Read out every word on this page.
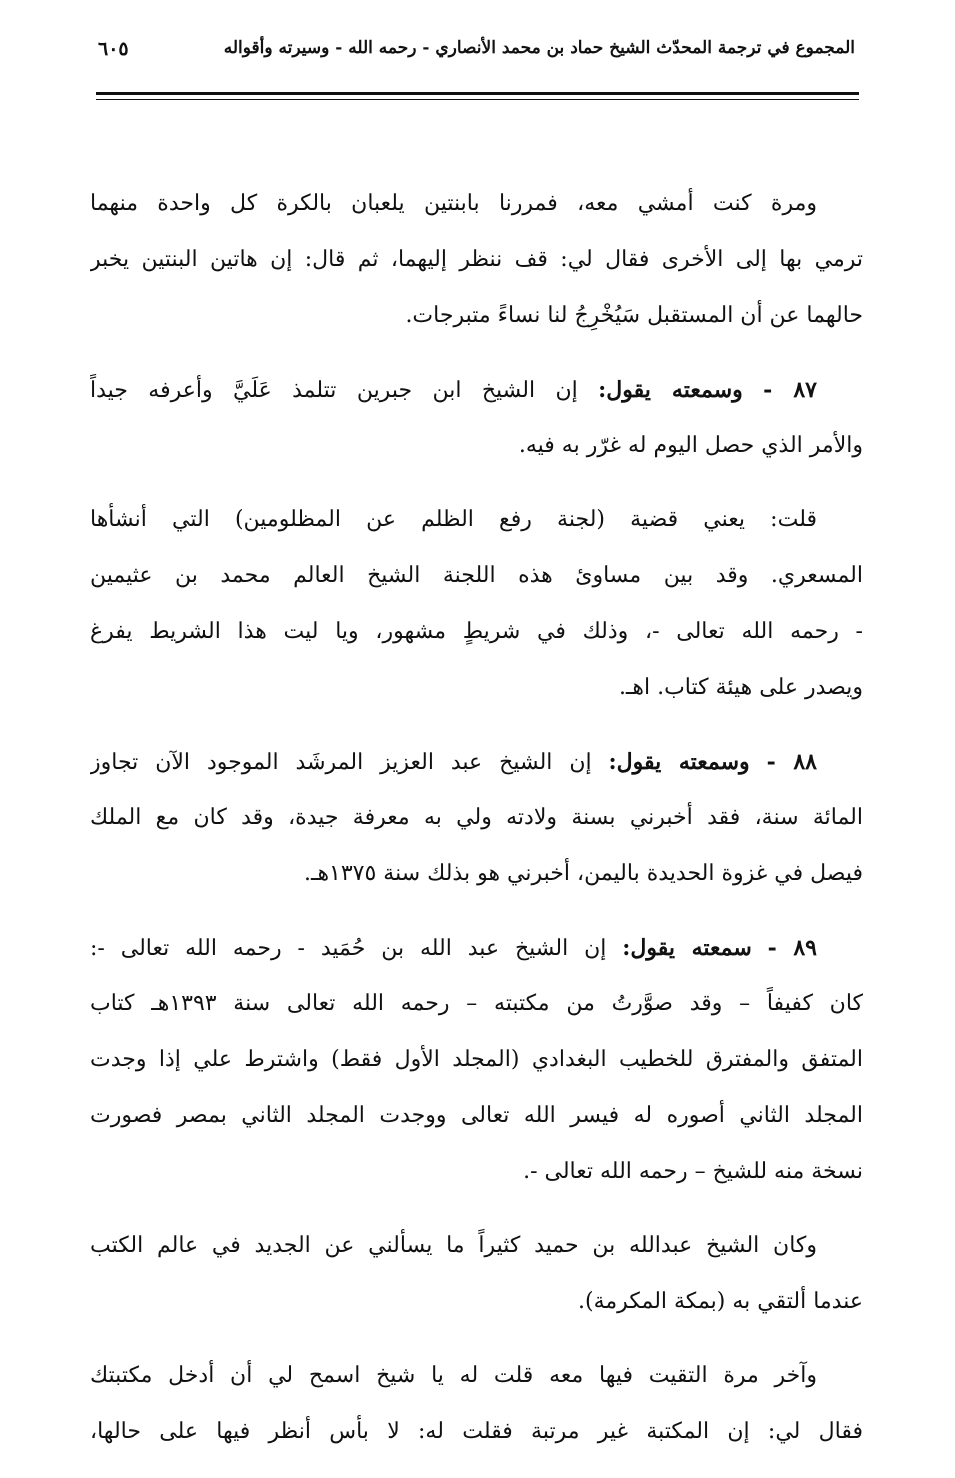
المجموع في ترجمة المحدّث الشيخ حماد بن محمد الأنصاري - رحمه الله - وسيرته وأقواله
٦٠٥
ومرة كنت أمشي معه، فمررنا بابنتين يلعبان بالكرة كل واحدة منهما
ترمي بها إلى الأخرى فقال لي: قف ننظر إليهما، ثم قال: إن هاتين البنتين يخبر
حالهما عن أن المستقبل سَيُخْرِجُ لنا نساءً متبرجات.
٨٧ - وسمعته يقول: إن الشيخ ابن جبرين تتلمذ عَلَيَّ وأعرفه جيداً
والأمر الذي حصل اليوم له غرّر به فيه.
قلت: يعني قضية (لجنة رفع الظلم عن المظلومين) التي أنشأها
المسعري. وقد بين مساوئ هذه اللجنة الشيخ العالم محمد بن عثيمين
- رحمه الله تعالى -، وذلك في شريطٍ مشهور، ويا ليت هذا الشريط يفرغ
ويصدر على هيئة كتاب. اهـ.
٨٨ - وسمعته يقول: إن الشيخ عبد العزيز المرشَد الموجود الآن تجاوز
المائة سنة، فقد أخبرني بسنة ولادته ولي به معرفة جيدة، وقد كان مع الملك
فيصل في غزوة الحديدة باليمن، أخبرني هو بذلك سنة ١٣٧٥هـ.
٨٩ - سمعته يقول: إن الشيخ عبد الله بن حُمَيد - رحمه الله تعالى -:
كان كفيفاً – وقد صوَّرتُ من مكتبته – رحمه الله تعالى سنة ١٣٩٣هـ كتاب
المتفق والمفترق للخطيب البغدادي (المجلد الأول فقط) واشترط علي إذا وجدت
المجلد الثاني أصوره له فيسر الله تعالى ووجدت المجلد الثاني بمصر فصورت
نسخة منه للشيخ – رحمه الله تعالى -.
وكان الشيخ عبدالله بن حميد كثيراً ما يسألني عن الجديد في عالم الكتب
عندما ألتقي به (بمكة المكرمة).
وآخر مرة التقيت فيها معه قلت له يا شيخ اسمح لي أن أدخل مكتبتك
فقال لي: إن المكتبة غير مرتبة فقلت له: لا بأس أنظر فيها على حالها،
